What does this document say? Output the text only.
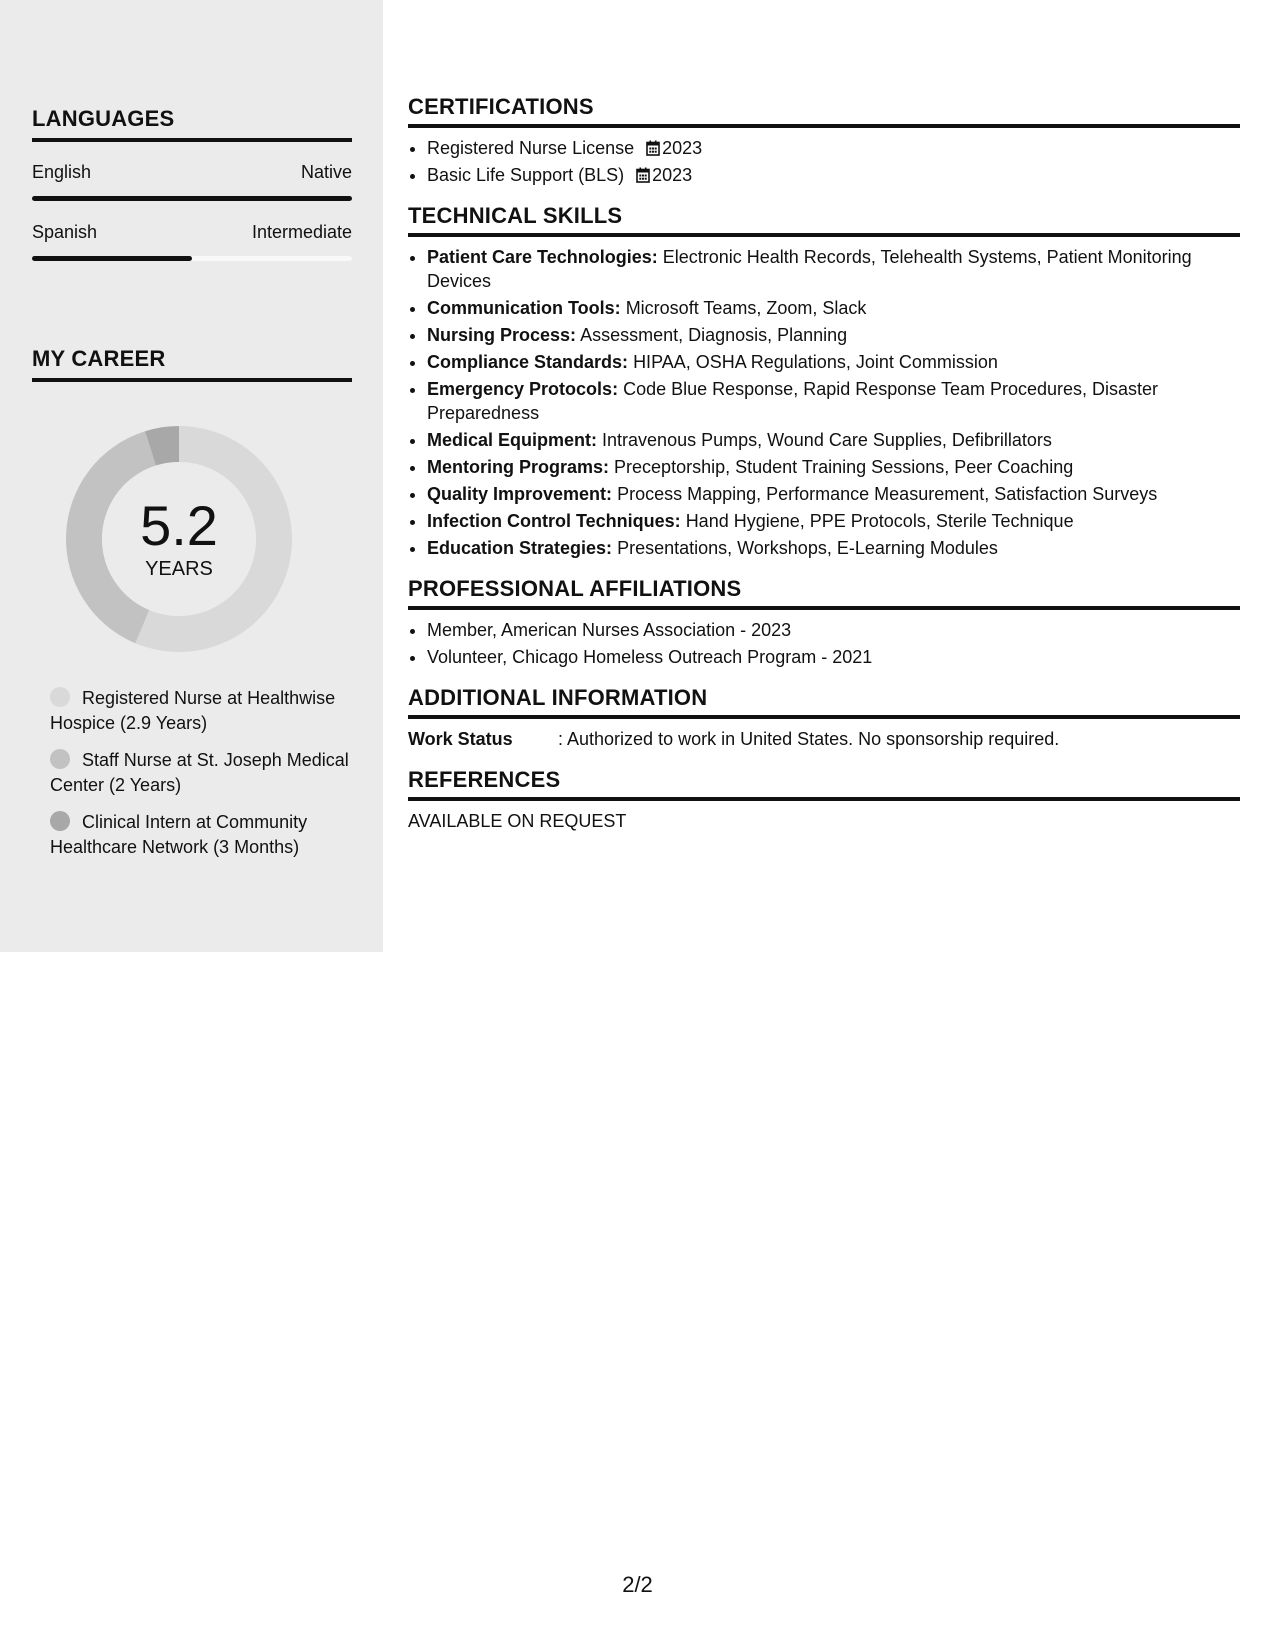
LANGUAGES
English	Native
Spanish	Intermediate
MY CAREER
5.2
YEARS
Registered Nurse at Healthwise Hospice (2.9 Years)
Staff Nurse at St. Joseph Medical Center (2 Years)
Clinical Intern at Community Healthcare Network (3 Months)
CERTIFICATIONS
• Registered Nurse License 2023
• Basic Life Support (BLS) 2023
TECHNICAL SKILLS
• Patient Care Technologies: Electronic Health Records, Telehealth Systems, Patient Monitoring Devices
• Communication Tools: Microsoft Teams, Zoom, Slack
• Nursing Process: Assessment, Diagnosis, Planning
• Compliance Standards: HIPAA, OSHA Regulations, Joint Commission
• Emergency Protocols: Code Blue Response, Rapid Response Team Procedures, Disaster Preparedness
• Medical Equipment: Intravenous Pumps, Wound Care Supplies, Defibrillators
• Mentoring Programs: Preceptorship, Student Training Sessions, Peer Coaching
• Quality Improvement: Process Mapping, Performance Measurement, Satisfaction Surveys
• Infection Control Techniques: Hand Hygiene, PPE Protocols, Sterile Technique
• Education Strategies: Presentations, Workshops, E-Learning Modules
PROFESSIONAL AFFILIATIONS
• Member, American Nurses Association - 2023
• Volunteer, Chicago Homeless Outreach Program - 2021
ADDITIONAL INFORMATION
Work Status	: Authorized to work in United States. No sponsorship required.
REFERENCES

AVAILABLE ON REQUEST

2/2
